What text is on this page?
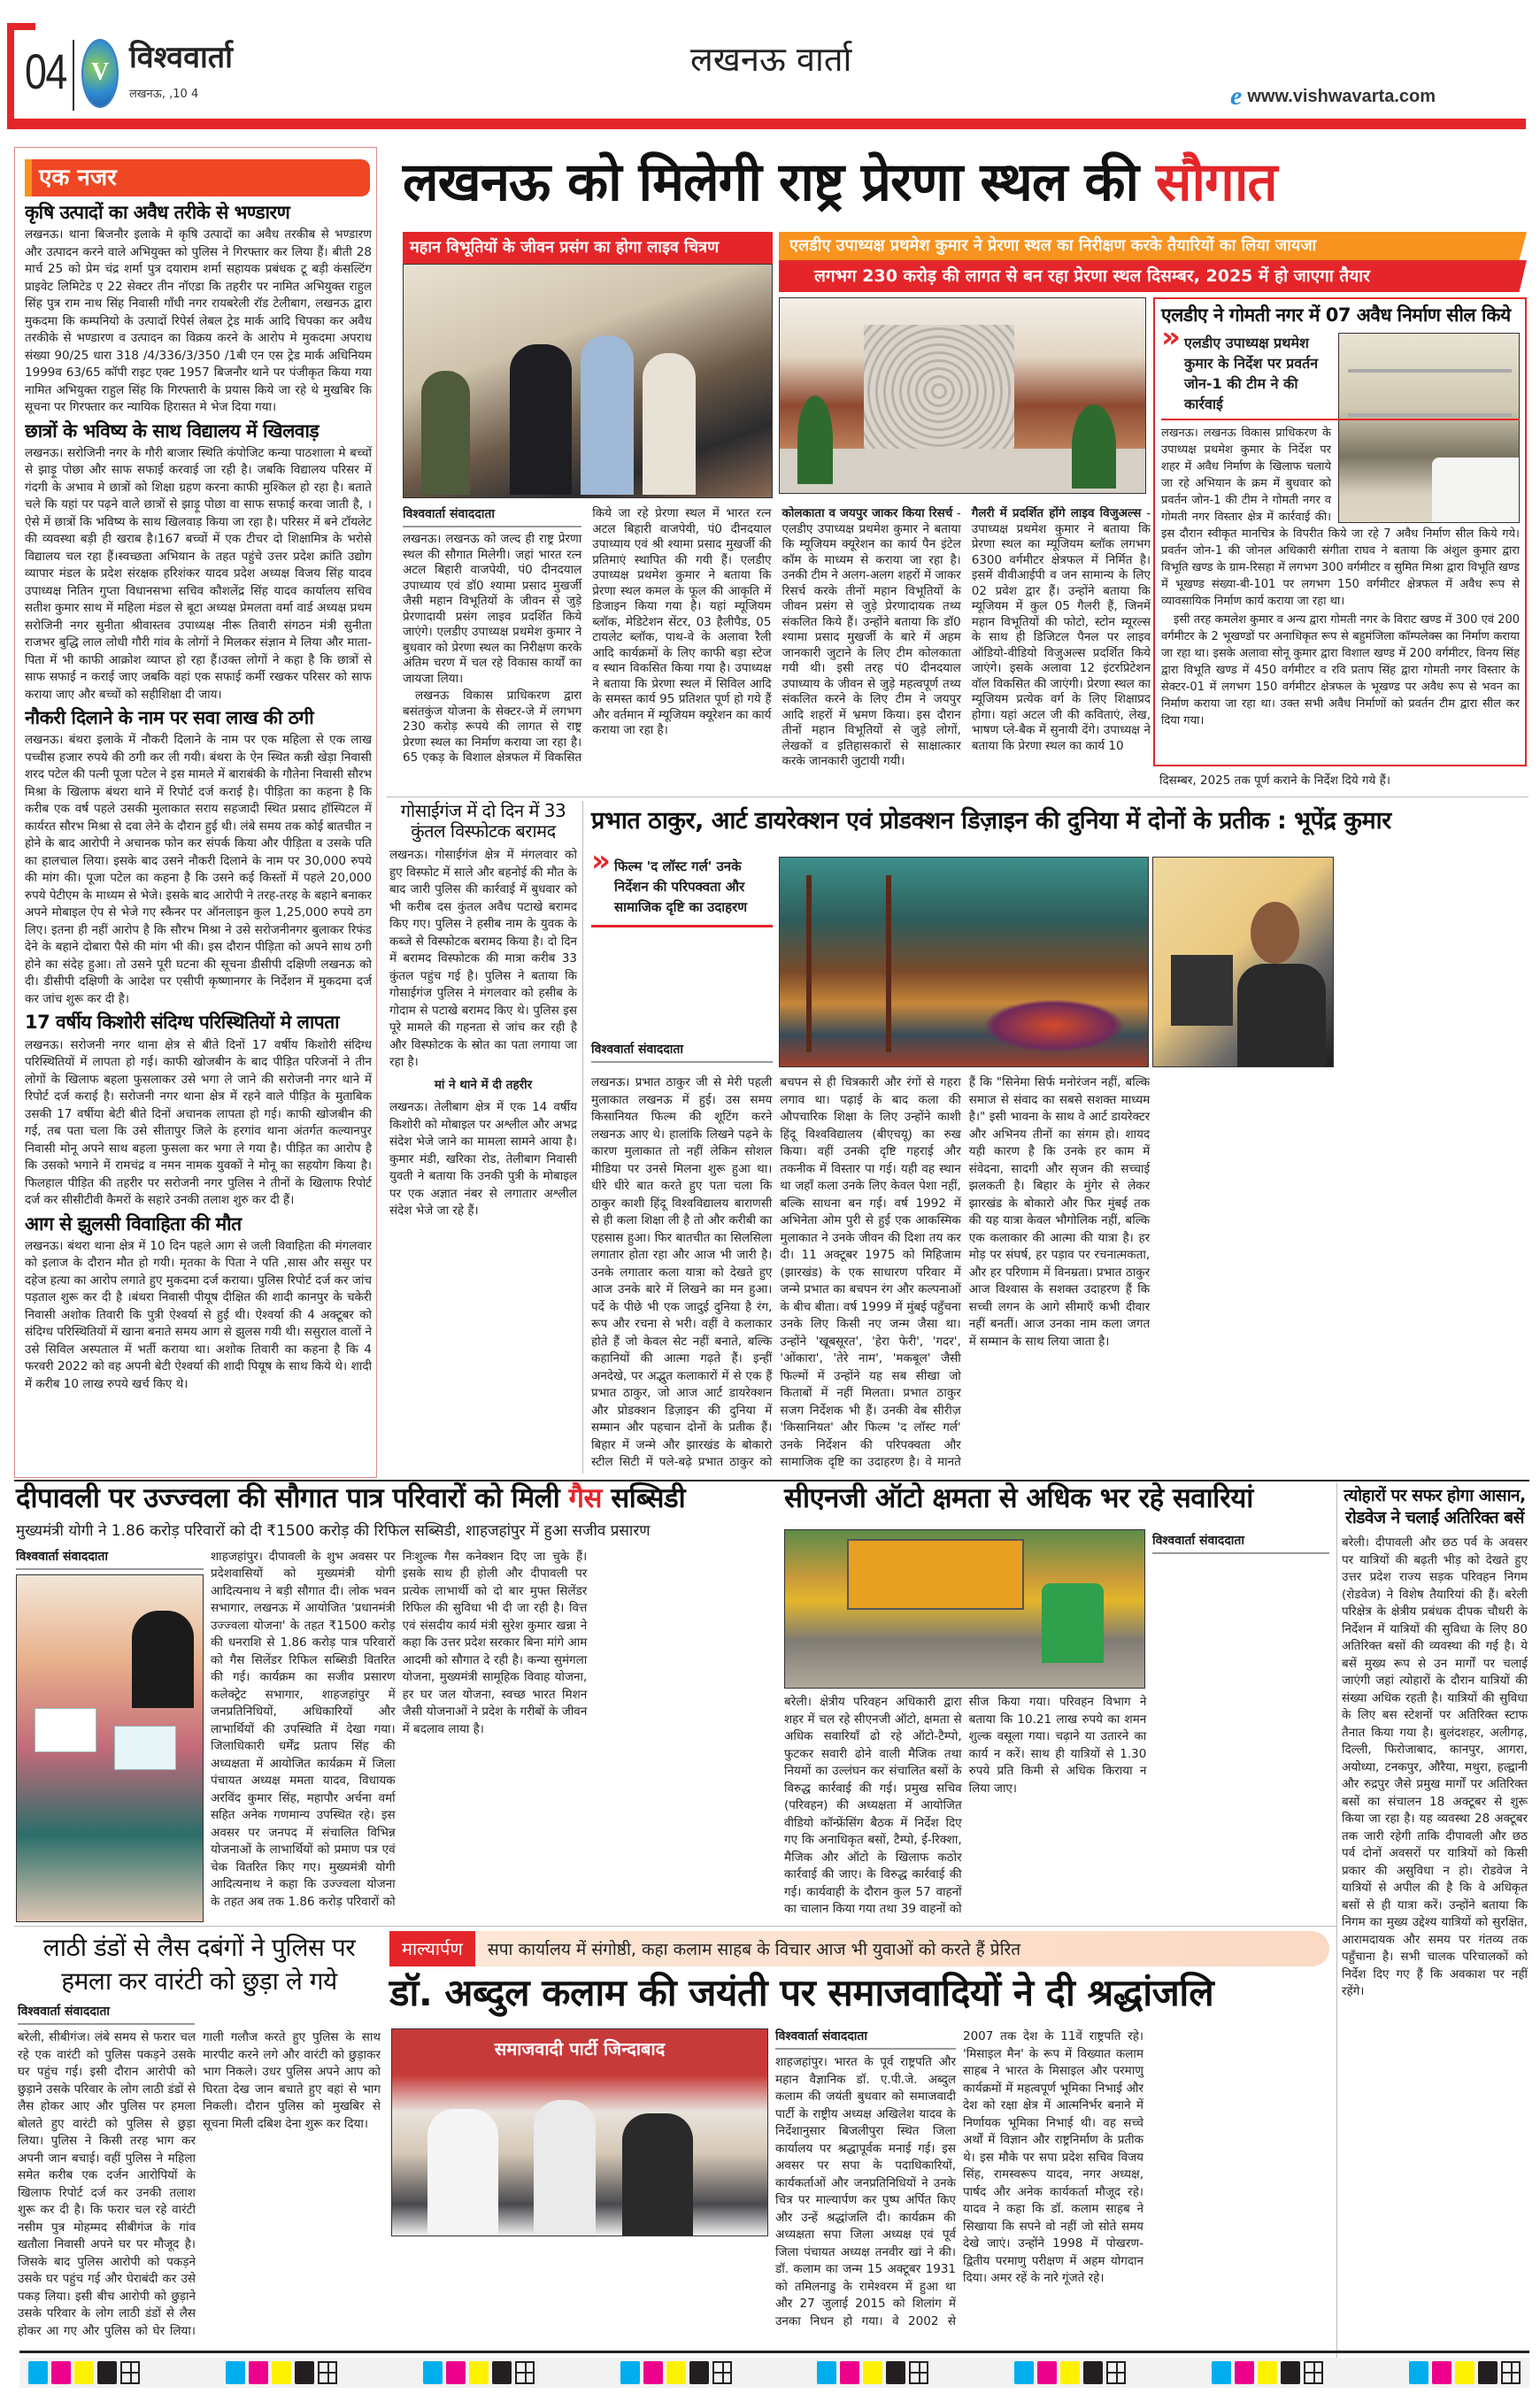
04 V विश्ववार्ता
लखनऊ, ,10 4
लखनऊ वार्ता
e www.vishwavarta.com
एक नजर
कृषि उत्पादों का अवैध तरीके से भण्डारण
लखनऊ। थाना बिजनौर इलाके मे कृषि उत्पादों का अवैध तरकीब से भण्डारण और उत्पादन करने वाले अभियुक्त को पुलिस ने गिरफ्तार कर लिया हैं। बीती 28 मार्च 25 को प्रेम चंद्र शर्मा पुत्र दयाराम शर्मा सहायक प्रबंधक टू बड़ी कंसल्टिंग प्राइवेट लिमिटेड ए 22 सेक्टर तीन नॉएडा कि तहरीर पर नामित अभियुक्त राहुल सिंह पुत्र राम नाथ सिंह निवासी गाँधी नगर रायबरेली रॉड टेलीबाग, लखनऊ द्वारा मुकदमा कि कम्पनियो के उत्पादों रिपेर्स लेबल ट्रेड मार्क आदि चिपका कर अवैध तरकीके से भण्डारण व उत्पादन का विक्रय करने के आरोप मे मुकदमा अपराध संख्या 90/25 धारा 318 /4/336/3/350 /1बी एन एस ट्रेड मार्क अधिनियम 1999व 63/65 कॉपी राइट एक्ट 1957 बिजनौर थाने पर पंजीकृत किया गया नामित अभियुक्त राहुल सिंह कि गिरफ्तारी के प्रयास किये जा रहे थे मुखबिर कि सूचना पर गिरफ्तार कर न्यायिक हिरासत मे भेज दिया गया।
छात्रों के भविष्य के साथ विद्यालय में खिलवाड़
लखनऊ। सरोजिनी नगर के गौरी बाजार स्थिति कंपोजिट कन्या पाठशाला मे बच्चों से झाड़ू पोछा और साफ सफाई करवाई जा रही है। जबकि विद्यालय परिसर में गंदगी के अभाव मे छात्रों को शिक्षा ग्रहण करना काफी मुश्किल हो रहा है। बताते चले कि यहां पर पढ़ने वाले छात्रों से झाड़ू पोछा वा साफ सफाई करवा जाती है, ।ऐसे में छात्रों कि भविष्य के साथ खिलवाड़ किया जा रहा है। परिसर में बने टॉयलेट की व्यवस्था बड़ी ही खराब है।167 बच्चों में एक टीचर दो शिक्षामित्र के भरोसे विद्यालय चल रहा हैं।स्वच्छता अभियान के तहत पहुंचे उत्तर प्रदेश क्रांति उद्योग व्यापार मंडल के प्रदेश संरक्षक हरिशंकर यादव प्रदेश अध्यक्ष विजय सिंह यादव उपाध्यक्ष नितिन गुप्ता विधानसभा सचिव कौशलेंद्र सिंह यादव कार्यालय सचिव सतीश कुमार साथ में महिला मंडल से बूटा अध्यक्ष प्रेमलता वर्मा वार्ड अध्यक्ष प्रथम सरोजिनी नगर सुनीता श्रीवास्तव उपाध्यक्ष नीरू तिवारी संगठन मंत्री सुनीता राजभर बुद्धि लाल लोधी गौरी गांव के लोगों ने मिलकर संज्ञान मे लिया और माता-पिता में भी काफी आक्रोश व्याप्त हो रहा हैं।उक्त लोगों ने कहा है कि छात्रों से साफ सफाई न कराई जाए जबकि वहां एक सफाई कर्मी रखकर परिसर को साफ कराया जाए और बच्चों को सहीशिक्षा दी जाय।
नौकरी दिलाने के नाम पर सवा लाख की ठगी
लखनऊ। बंथरा इलाके में नौकरी दिलाने के नाम पर एक महिला से एक लाख पच्चीस हजार रुपये की ठगी कर ली गयी। बंथरा के ऐन स्थित कन्नी खेड़ा निवासी शरद पटेल की पत्नी पूजा पटेल ने इस मामले में बाराबंकी के गौतेना निवासी सौरभ मिश्रा के खिलाफ बंथरा थाने में रिपोर्ट दर्ज कराई है। पीड़िता का कहना है कि करीब एक वर्ष पहले उसकी मुलाकात सराय सहजादी स्थित प्रसाद हॉस्पिटल में कार्यरत सौरभ मिश्रा से दवा लेने के दौरान हुई थी। लंबे समय तक कोई बातचीत न होने के बाद आरोपी ने अचानक फोन कर संपर्क किया और पीड़िता व उसके पति का हालचाल लिया। इसके बाद उसने नौकरी दिलाने के नाम पर 30,000 रुपये की मांग की। पूजा पटेल का कहना है कि उसने कई किस्तों में पहले 20,000 रुपये पेटीएम के माध्यम से भेजे। इसके बाद आरोपी ने तरह-तरह के बहाने बनाकर अपने मोबाइल ऐप से भेजे गए स्कैनर पर ऑनलाइन कुल 1,25,000 रुपये ठग लिए। इतना ही नहीं आरोप है कि सौरभ मिश्रा ने उसे सरोजनीनगर बुलाकर रिफंड देने के बहाने दोबारा पैसे की मांग भी की। इस दौरान पीड़िता को अपने साथ ठगी होने का संदेह हुआ। तो उसने पूरी घटना की सूचना डीसीपी दक्षिणी लखनऊ को दी। डीसीपी दक्षिणी के आदेश पर एसीपी कृष्णानगर के निर्देशन में मुकदमा दर्ज कर जांच शुरू कर दी है।
17 वर्षीय किशोरी संदिग्ध परिस्थितियों मे लापता
लखनऊ। सरोजनी नगर थाना क्षेत्र से बीते दिनों 17 वर्षीय किशोरी संदिग्ध परिस्थितियों में लापता हो गई। काफी खोजबीन के बाद पीड़ित परिजनों ने तीन लोगों के खिलाफ बहला फुसलाकर उसे भगा ले जाने की सरोजनी नगर थाने में रिपोर्ट दर्ज कराई है। सरोजनी नगर थाना क्षेत्र में रहने वाले पीड़ित के मुताबिक उसकी 17 वर्षीया बेटी बीते दिनों अचानक लापता हो गई। काफी खोजबीन की गई, तब पता चला कि उसे सीतापुर जिले के हरगांव थाना अंतर्गत कल्यानपुर निवासी मोनू अपने साथ बहला फुसला कर भगा ले गया है। पीड़ित का आरोप है कि उसको भगाने में रामचंद्र व नमन नामक युवकों ने मोनू का सहयोग किया है। फिलहाल पीड़ित की तहरीर पर सरोजनी नगर पुलिस ने तीनों के खिलाफ रिपोर्ट दर्ज कर सीसीटीवी कैमरों के सहारे उनकी तलाश शुरु कर दी हैं।
आग से झुलसी विवाहिता की मौत
लखनऊ। बंथरा थाना क्षेत्र में 10 दिन पहले आग से जली विवाहिता की मंगलवार को इलाज के दौरान मौत हो गयी। मृतका के पिता ने पति ,सास और ससुर पर दहेज हत्या का आरोप लगाते हुए मुकदमा दर्ज कराया। पुलिस रिपोर्ट दर्ज कर जांच पड़ताल शुरू कर दी है ।बंथरा निवासी पीयूष दीक्षित की शादी कानपुर के चकेरी निवासी अशोक तिवारी कि पुत्री ऐश्वर्या से हुई थी। ऐश्वर्या की 4 अक्टूबर को संदिग्ध परिस्थितियों में खाना बनाते समय आग से झुलस गयी थी। ससुराल वालों ने उसे सिविल अस्पताल में भर्ती कराया था। अशोक तिवारी का कहना है कि 4 फरवरी 2022 को वह अपनी बेटी ऐश्वर्या की शादी पियूष के साथ किये थे। शादी में करीब 10 लाख रुपये खर्च किए थे।
लखनऊ को मिलेगी राष्ट्र प्रेरणा स्थल की सौगात
महान विभूतियों के जीवन प्रसंग का होगा लाइव चित्रण	एलडीए उपाध्यक्ष प्रथमेश कुमार ने प्रेरणा स्थल का निरीक्षण करके तैयारियों का लिया जायजा
लगभग 230 करोड़ की लागत से बन रहा प्रेरणा स्थल दिसम्बर, 2025 में हो जाएगा तैयार
विश्ववार्ता संवाददाता

लखनऊ। लखनऊ को जल्द ही राष्ट्र प्रेरणा स्थल की सौगात मिलेगी। जहां भारत रत्न अटल बिहारी वाजपेयी, पं0 दीनदयाल उपाध्याय एवं डॉ0 श्यामा प्रसाद मुखर्जी जैसी महान विभूतियों के जीवन से जुड़े प्रेरणादायी प्रसंग लाइव प्रदर्शित किये जाएंगे। एलडीए उपाध्यक्ष प्रथमेश कुमार ने बुधवार को प्रेरणा स्थल का निरीक्षण करके अंतिम चरण में चल रहे विकास कार्यों का जायजा लिया।

लखनऊ विकास प्राधिकरण द्वारा बसंतकुंज योजना के सेक्टर-जे में लगभग 230 करोड़ रूपये की लागत से राष्ट्र प्रेरणा स्थल का निर्माण कराया जा रहा है। 65 एकड़ के विशाल क्षेत्रफल में विकसित किये जा रहे प्रेरणा स्थल में भारत रत्न अटल बिहारी वाजपेयी, पं0 दीनदयाल उपाध्याय एवं श्री श्यामा प्रसाद मुखर्जी की प्रतिमाएं स्थापित की गयी हैं। एलडीए उपाध्यक्ष प्रथमेश कुमार ने बताया कि प्रेरणा स्थल कमल के फूल की आकृति में डिजाइन किया गया है। यहां म्यूजियम ब्लॉक, मेडिटेशन सेंटर, 03 हैलीपैड, 05 टायलेट ब्लॉक, पाथ-वे के अलावा रैली आदि कार्यक्रमों के लिए काफी बड़ा स्टेज व स्थान विकसित किया गया है। उपाध्यक्ष ने बताया कि प्रेरणा स्थल में सिविल आदि के समस्त कार्य 95 प्रतिशत पूर्ण हो गये हैं और वर्तमान में म्यूजियम क्यूरेशन का कार्य कराया जा रहा है।

कोलकाता व जयपुर जाकर किया रिसर्च - एलडीए उपाध्यक्ष प्रथमेश कुमार ने बताया कि म्यूजियम क्यूरेशन का कार्य पैन इंटेल कॉम के माध्यम से कराया जा रहा है। उनकी टीम ने अलग-अलग शहरों में जाकर रिसर्च करके तीनों महान विभूतियों के जीवन प्रसंग से जुड़े प्रेरणादायक तथ्य संकलित किये हैं। उन्होंने बताया कि डॉ0 श्यामा प्रसाद मुखर्जी के बारे में अहम जानकारी जुटाने के लिए टीम कोलकाता गयी थी। इसी तरह पं0 दीनदयाल उपाध्याय के जीवन से जुड़े महत्वपूर्ण तथ्य संकलित करने के लिए टीम ने जयपुर आदि शहरों में भ्रमण किया। इस दौरान तीनों महान विभूतियों से जुड़े लोगों, लेखकों व इतिहासकारों से साक्षात्कार करके जानकारी जुटायी गयी।

गैलरी में प्रदर्शित होंगे लाइव विजुअल्स - उपाध्यक्ष प्रथमेश कुमार ने बताया कि प्रेरणा स्थल का म्यूजियम ब्लॉक लगभग 6300 वर्गमीटर क्षेत्रफल में निर्मित है। इसमें वीवीआईपी व जन सामान्य के लिए 02 प्रवेश द्वार हैं। उन्होंने बताया कि म्यूजियम में कुल 05 गैलरी हैं, जिनमें महान विभूतियों की फोटो, स्टोन म्यूरल्स के साथ ही डिजिटल पैनल पर लाइव ऑडियो-वीडियो विजुअल्स प्रदर्शित किये जाएंगे। इसके अलावा 12 इंटरप्रिटेशन वॉल विकसित की जाएंगी। प्रेरणा स्थल का म्यूजियम प्रत्येक वर्ग के लिए शिक्षाप्रद होगा। यहां अटल जी की कविताएं, लेख, भाषण प्ले-बैक में सुनायी देंगे। उपाध्यक्ष ने बताया कि प्रेरणा स्थल का कार्य 10

दिसम्बर, 2025 तक पूर्ण कराने के निर्देश दिये गये हैं।
एलडीए ने गोमती नगर में 07 अवैध निर्माण सील किये
» एलडीए उपाध्यक्ष प्रथमेश कुमार के निर्देश पर प्रवर्तन जोन-1 की टीम ने की कार्रवाई

लखनऊ। लखनऊ विकास प्राधिकरण के उपाध्यक्ष प्रथमेश कुमार के निर्देश पर शहर में अवैध निर्माण के खिलाफ चलाये जा रहे अभियान के क्रम में बुधवार को प्रवर्तन जोन-1 की टीम ने गोमती नगर व गोमती नगर विस्तार क्षेत्र में कार्रवाई की। इस दौरान स्वीकृत मानचित्र के विपरीत किये जा रहे 7 अवैध निर्माण सील किये गये। प्रवर्तन जोन-1 की जोनल अधिकारी संगीता राघव ने बताया कि अंशुल कुमार द्वारा विभूति खण्ड के ग्राम-रिसहा में लगभग 300 वर्गमीटर व सुमित मिश्रा द्वारा विभूति खण्ड में भूखण्ड संख्या-बी-101 पर लगभग 150 वर्गमीटर क्षेत्रफल में अवैध रूप से व्यावसायिक निर्माण कार्य कराया जा रहा था।

इसी तरह कमलेश कुमार व अन्य द्वारा गोमती नगर के विराट खण्ड में 300 एवं 200 वर्गमीटर के 2 भूखण्डों पर अनाधिकृत रूप से बहुमंजिला कॉम्पलेक्स का निर्माण कराया जा रहा था। इसके अलावा सोनू कुमार द्वारा विशाल खण्ड में 200 वर्गमीटर, विनय सिंह द्वारा विभूति खण्ड में 450 वर्गमीटर व रवि प्रताप सिंह द्वारा गोमती नगर विस्तार के सेक्टर-01 में लगभग 150 वर्गमीटर क्षेत्रफल के भूखण्ड पर अवैध रूप से भवन का निर्माण कराया जा रहा था। उक्त सभी अवैध निर्माणों को प्रवर्तन टीम द्वारा सील कर दिया गया।

गोसाईगंज में दो दिन में 33 कुंतल विस्फोटक बरामद

लखनऊ। गोसाईगंज क्षेत्र में मंगलवार को हुए विस्फोट में साले और बहनोई की मौत के बाद जारी पुलिस की कार्रवाई में बुधवार को भी करीब दस कुंतल अवैध पटाखे बरामद किए गए। पुलिस ने हसीब नाम के युवक के कब्जे से विस्फोटक बरामद किया है। दो दिन में बरामद विस्फोटक की मात्रा करीब 33 कुंतल पहुंच गई है। पुलिस ने बताया कि गोसाईगंज पुलिस ने मंगलवार को हसीब के गोदाम से पटाखे बरामद किए थे। पुलिस इस पूरे मामले की गहनता से जांच कर रही है और विस्फोटक के स्रोत का पता लगाया जा रहा है।

मां ने थाने में दी तहरीर

लखनऊ। तेलीबाग क्षेत्र में एक 14 वर्षीय किशोरी को मोबाइल पर अश्लील और अभद्र संदेश भेजे जाने का मामला सामने आया है। कुमार मंडी, खरिका रोड, तेलीबाग निवासी युवती ने बताया कि उनकी पुत्री के मोबाइल पर एक अज्ञात नंबर से लगातार अश्लील संदेश भेजे जा रहे हैं।

प्रभात ठाकुर, आर्ट डायरेक्शन एवं प्रोडक्शन डिज़ाइन की दुनिया में दोनों के प्रतीक : भूपेंद्र कुमार
» फिल्म 'द लॉस्ट गर्ल' उनके निर्देशन की परिपक्वता और सामाजिक दृष्टि का उदाहरण
विश्ववार्ता संवाददाता

लखनऊ। प्रभात ठाकुर जी से मेरी पहली मुलाकात लखनऊ में हुई। उस समय किसानियत फिल्म की शूटिंग करने लखनऊ आए थे। हालांकि लिखने पढ़ने के कारण मुलाकात तो नहीं लेकिन सोशल मीडिया पर उनसे मिलना शुरू हुआ था। धीरे धीरे बात करते हुए पता चला कि ठाकुर काशी हिंदू विश्वविद्यालय बाराणसी से ही कला शिक्षा ली है तो और करीबी का एहसास हुआ। फिर बातचीत का सिलसिला लगातार होता रहा और आज भी जारी है। उनके लगातार कला यात्रा को देखते हुए आज उनके बारे में लिखने का मन हुआ। पर्दे के पीछे भी एक जादुई दुनिया है रंग, रूप और रचना से भरी। वहीं वे कलाकार होते हैं जो केवल सेट नहीं बनाते, बल्कि कहानियों की आत्मा गढ़ते हैं। इन्हीं अनदेखे, पर अद्भुत कलाकारों में से एक हैं प्रभात ठाकुर, जो आज आर्ट डायरेक्शन और प्रोडक्शन डिज़ाइन की दुनिया में सम्मान और पहचान दोनों के प्रतीक हैं। बिहार में जन्मे और झारखंड के बोकारो स्टील सिटी में पले-बढ़े प्रभात ठाकुर को बचपन से ही चित्रकारी और रंगों से गहरा लगाव था। पढ़ाई के बाद कला की औपचारिक शिक्षा के लिए उन्होंने काशी हिंदू विश्वविद्यालय (बीएचयू) का रुख किया। वहीं उनकी दृष्टि गहराई और तकनीक में विस्तार पा गई। यही वह स्थान था जहाँ कला उनके लिए केवल पेशा नहीं, बल्कि साधना बन गई। वर्ष 1992 में अभिनेता ओम पुरी से हुई एक आकस्मिक मुलाकात ने उनके जीवन की दिशा तय कर दी। 11 अक्टूबर 1975 को मिहिजाम (झारखंड) के एक साधारण परिवार में जन्मे प्रभात का बचपन रंग और कल्पनाओं के बीच बीता। वर्ष 1999 में मुंबई पहुँचना उनके लिए किसी नए जन्म जैसा था। उन्होंने 'खूबसूरत', 'हेरा फेरी', 'गदर', 'ओंकारा', 'तेरे नाम', 'मकबूल' जैसी फिल्मों में उन्होंने यह सब सीखा जो किताबों में नहीं मिलता। प्रभात ठाकुर सजग निर्देशक भी हैं। उनकी वेब सीरीज़ 'किसानियत' और फिल्म 'द लॉस्ट गर्ल' उनके निर्देशन की परिपक्वता और सामाजिक दृष्टि का उदाहरण है। वे मानते हैं कि "सिनेमा सिर्फ मनोरंजन नहीं, बल्कि समाज से संवाद का सबसे सशक्त माध्यम है।" इसी भावना के साथ वे आर्ट डायरेक्टर और अभिनय तीनों का संगम हो। शायद यही कारण है कि उनके हर काम में संवेदना, सादगी और सृजन की सच्चाई झलकती है। बिहार के मुंगेर से लेकर झारखंड के बोकारो और फिर मुंबई तक की यह यात्रा केवल भौगोलिक नहीं, बल्कि एक कलाकार की आत्मा की यात्रा है। हर मोड़ पर संघर्ष, हर पड़ाव पर रचनात्मकता, और हर परिणाम में विनम्रता। प्रभात ठाकुर आज विश्वास के सशक्त उदाहरण हैं कि सच्ची लगन के आगे सीमाएँ कभी दीवार नहीं बनतीं। आज उनका नाम कला जगत में सम्मान के साथ लिया जाता है।

दीपावली पर उज्ज्वला की सौगात पात्र परिवारों को मिली गैस सब्सिडी
मुख्यमंत्री योगी ने 1.86 करोड़ परिवारों को दी ₹1500 करोड़ की रिफिल सब्सिडी, शाहजहांपुर में हुआ सजीव प्रसारण
विश्ववार्ता संवाददाता	शाहजहांपुर। दीपावली के शुभ अवसर पर प्रदेशवासियों को मुख्यमंत्री योगी आदित्यनाथ ने बड़ी सौगात दी। लोक भवन सभागार, लखनऊ में आयोजित 'प्रधानमंत्री उज्ज्वला योजना' के तहत ₹1500 करोड़ की धनराशि से 1.86 करोड़ पात्र परिवारों को गैस सिलेंडर रिफिल सब्सिडी वितरित की गई। कार्यक्रम का सजीव प्रसारण कलेक्ट्रेट सभागार, शाहजहांपुर में जनप्रतिनिधियों, अधिकारियों और लाभार्थियों की उपस्थिति में देखा गया। जिलाधिकारी धर्मेंद्र प्रताप सिंह की अध्यक्षता में आयोजित कार्यक्रम में जिला पंचायत अध्यक्ष ममता यादव, विधायक अरविंद कुमार सिंह, महापौर अर्चना वर्मा सहित अनेक गणमान्य उपस्थित रहे। इस अवसर पर जनपद में संचालित विभिन्न योजनाओं के लाभार्थियों को प्रमाण पत्र एवं चेक वितरित किए गए। मुख्यमंत्री योगी आदित्यनाथ ने कहा कि उज्ज्वला योजना के तहत अब तक 1.86 करोड़ परिवारों को निःशुल्क गैस कनेक्शन दिए जा चुके हैं। इसके साथ ही होली और दीपावली पर प्रत्येक लाभार्थी को दो बार मुफ्त सिलेंडर रिफिल की सुविधा भी दी जा रही है। वित्त एवं संसदीय कार्य मंत्री सुरेश कुमार खन्ना ने कहा कि उत्तर प्रदेश सरकार बिना मांगे आम आदमी को सौगात दे रही है। कन्या सुमंगला योजना, मुख्यमंत्री सामूहिक विवाह योजना, हर घर जल योजना, स्वच्छ भारत मिशन जैसी योजनाओं ने प्रदेश के गरीबों के जीवन में बदलाव लाया है।

सीएनजी ऑटो क्षमता से अधिक भर रहे सवारियां
विश्ववार्ता संवाददाता

बरेली। क्षेत्रीय परिवहन अधिकारी द्वारा शहर में चल रहे सीएनजी ऑटो, क्षमता से अधिक सवारियाँ ढो रहे ऑटो-टैम्पो, फुटकर सवारी ढोने वाली मैजिक तथा नियमों का उल्लंघन कर संचालित बसों के विरुद्ध कार्रवाई की गई। प्रमुख सचिव (परिवहन) की अध्यक्षता में आयोजित वीडियो कॉन्फ्रेंसिंग बैठक में निर्देश दिए गए कि अनाधिकृत बसों, टैम्पो, ई-रिक्शा, मैजिक और ऑटो के खिलाफ कठोर कार्रवाई की जाए। के विरुद्ध कार्रवाई की गई। कार्यवाही के दौरान कुल 57 वाहनों का चालान किया गया तथा 39 वाहनों को सीज किया गया। परिवहन विभाग ने बताया कि 10.21 लाख रुपये का शमन शुल्क वसूला गया। चढ़ाने या उतारने का कार्य न करें। साथ ही यात्रियों से 1.30 रुपये प्रति किमी से अधिक किराया न लिया जाए।

त्योहारों पर सफर होगा आसान, रोडवेज ने चलाईं अतिरिक्त बसें
बरेली। दीपावली और छठ पर्व के अवसर पर यात्रियों की बढ़ती भीड़ को देखते हुए उत्तर प्रदेश राज्य सड़क परिवहन निगम (रोडवेज) ने विशेष तैयारियां की हैं। बरेली परिक्षेत्र के क्षेत्रीय प्रबंधक दीपक चौधरी के निर्देशन में यात्रियों की सुविधा के लिए 80 अतिरिक्त बसों की व्यवस्था की गई है। ये बसें मुख्य रूप से उन मार्गों पर चलाई जाएंगी जहां त्योहारों के दौरान यात्रियों की संख्या अधिक रहती है। यात्रियों की सुविधा के लिए बस स्टेशनों पर अतिरिक्त स्टाफ तैनात किया गया है। बुलंदशहर, अलीगढ़, दिल्ली, फिरोजाबाद, कानपुर, आगरा, अयोध्या, टनकपुर, औरैया, मथुरा, हल्द्वानी और रुद्रपुर जैसे प्रमुख मार्गों पर अतिरिक्त बसों का संचालन 18 अक्टूबर से शुरू किया जा रहा है। यह व्यवस्था 28 अक्टूबर तक जारी रहेगी ताकि दीपावली और छठ पर्व दोनों अवसरों पर यात्रियों को किसी प्रकार की असुविधा न हो। रोडवेज ने यात्रियों से अपील की है कि वे अधिकृत बसों से ही यात्रा करें। उन्होंने बताया कि निगम का मुख्य उद्देश्य यात्रियों को सुरक्षित, आरामदायक और समय पर गंतव्य तक पहुँचाना है। सभी चालक परिचालकों को निर्देश दिए गए हैं कि अवकाश पर नहीं रहेंगे।
लाठी डंडों से लैस दबंगों ने पुलिस पर हमला कर वारंटी को छुड़ा ले गये
विश्ववार्ता संवाददाता

बरेली, सीबीगंज। लंबे समय से फरार चल रहे एक वारंटी को पुलिस पकड़ने उसके घर पहुंच गई। इसी दौरान आरोपी को छुड़ाने उसके परिवार के लोग लाठी डंडों से लैस होकर आए और पुलिस पर हमला बोलते हुए वारंटी को पुलिस से छुड़ा लिया। पुलिस ने किसी तरह भाग कर अपनी जान बचाई। वहीं पुलिस ने महिला समेत करीब एक दर्जन आरोपियों के खिलाफ रिपोर्ट दर्ज कर उनकी तलाश शुरू कर दी है। कि फरार चल रहे वारंटी नसीम पुत्र मोहम्मद सीबीगंज के गांव खतौला निवासी अपने घर पर मौजूद है। जिसके बाद पुलिस आरोपी को पकड़ने उसके घर पहुंच गई और घेराबंदी कर उसे पकड़ लिया। इसी बीच आरोपी को छुड़ाने उसके परिवार के लोग लाठी डंडों से लैस होकर आ गए और पुलिस को घेर लिया। गाली गलौज करते हुए पुलिस के साथ मारपीट करने लगे और वारंटी को छुड़ाकर भाग निकले। उधर पुलिस अपने आप को घिरता देख जान बचाते हुए वहां से भाग निकली। दौरान पुलिस को मुखबिर से सूचना मिली दबिश देना शुरू कर दिया।

माल्यार्पण	सपा कार्यालय में संगोष्ठी, कहा कलाम साहब के विचार आज भी युवाओं को करते हैं प्रेरित
डॉ. अब्दुल कलाम की जयंती पर समाजवादियों ने दी श्रद्धांजलि
समाजवादी पार्टी जिन्दाबाद
विश्ववार्ता संवाददाता

शाहजहांपुर। भारत के पूर्व राष्ट्रपति और महान वैज्ञानिक डॉ. ए.पी.जे. अब्दुल कलाम की जयंती बुधवार को समाजवादी पार्टी के राष्ट्रीय अध्यक्ष अखिलेश यादव के निर्देशानुसार बिजलीपुरा स्थित जिला कार्यालय पर श्रद्धापूर्वक मनाई गई। इस अवसर पर सपा के पदाधिकारियों, कार्यकर्ताओं और जनप्रतिनिधियों ने उनके चित्र पर माल्यार्पण कर पुष्प अर्पित किए और उन्हें श्रद्धांजलि दी। कार्यक्रम की अध्यक्षता सपा जिला अध्यक्ष एवं पूर्व जिला पंचायत अध्यक्ष तनवीर खां ने की। डॉ. कलाम का जन्म 15 अक्टूबर 1931 को तमिलनाडु के रामेश्वरम में हुआ था और 27 जुलाई 2015 को शिलांग में उनका निधन हो गया। वे 2002 से 2007 तक देश के 11वें राष्ट्रपति रहे। 'मिसाइल मैन' के रूप में विख्यात कलाम साहब ने भारत के मिसाइल और परमाणु कार्यक्रमों में महत्वपूर्ण भूमिका निभाई और देश को रक्षा क्षेत्र में आत्मनिर्भर बनाने में निर्णायक भूमिका निभाई थी। वह सच्चे अर्थों में विज्ञान और राष्ट्रनिर्माण के प्रतीक थे। इस मौके पर सपा प्रदेश सचिव विजय सिंह, रामस्वरूप यादव, नगर अध्यक्ष, पार्षद और अनेक कार्यकर्ता मौजूद रहे। यादव ने कहा कि डॉ. कलाम साहब ने सिखाया कि सपने वो नहीं जो सोते समय देखे जाएं। उन्होंने 1998 में पोखरण-द्वितीय परमाणु परीक्षण में अहम योगदान दिया। अमर रहें के नारे गूंजते रहे।
